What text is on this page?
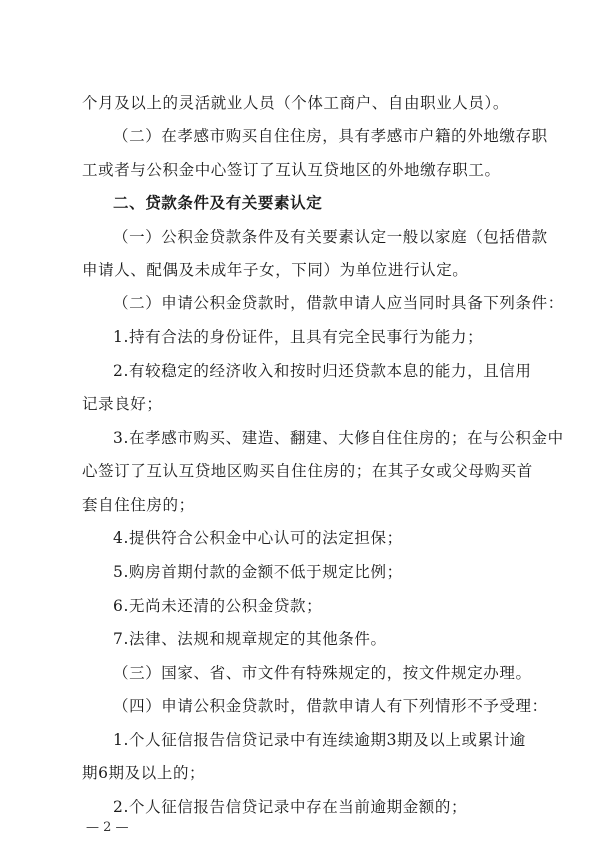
个月及以上的灵活就业人员（个体工商户、自由职业人员）。
（二）在孝感市购买自住住房，具有孝感市户籍的外地缴存职
工或者与公积金中心签订了互认互贷地区的外地缴存职工。
二、贷款条件及有关要素认定
（一）公积金贷款条件及有关要素认定一般以家庭（包括借款
申请人、配偶及未成年子女，下同）为单位进行认定。
（二）申请公积金贷款时，借款申请人应当同时具备下列条件：
1.持有合法的身份证件，且具有完全民事行为能力；
2.有较稳定的经济收入和按时归还贷款本息的能力，且信用
记录良好；
3.在孝感市购买、建造、翻建、大修自住住房的；在与公积金中
心签订了互认互贷地区购买自住住房的；在其子女或父母购买首
套自住住房的；
4.提供符合公积金中心认可的法定担保；
5.购房首期付款的金额不低于规定比例；
6.无尚未还清的公积金贷款；
7.法律、法规和规章规定的其他条件。
（三）国家、省、市文件有特殊规定的，按文件规定办理。
（四）申请公积金贷款时，借款申请人有下列情形不予受理：
1.个人征信报告信贷记录中有连续逾期3期及以上或累计逾
期6期及以上的；
2.个人征信报告信贷记录中存在当前逾期金额的；
— 2 —
